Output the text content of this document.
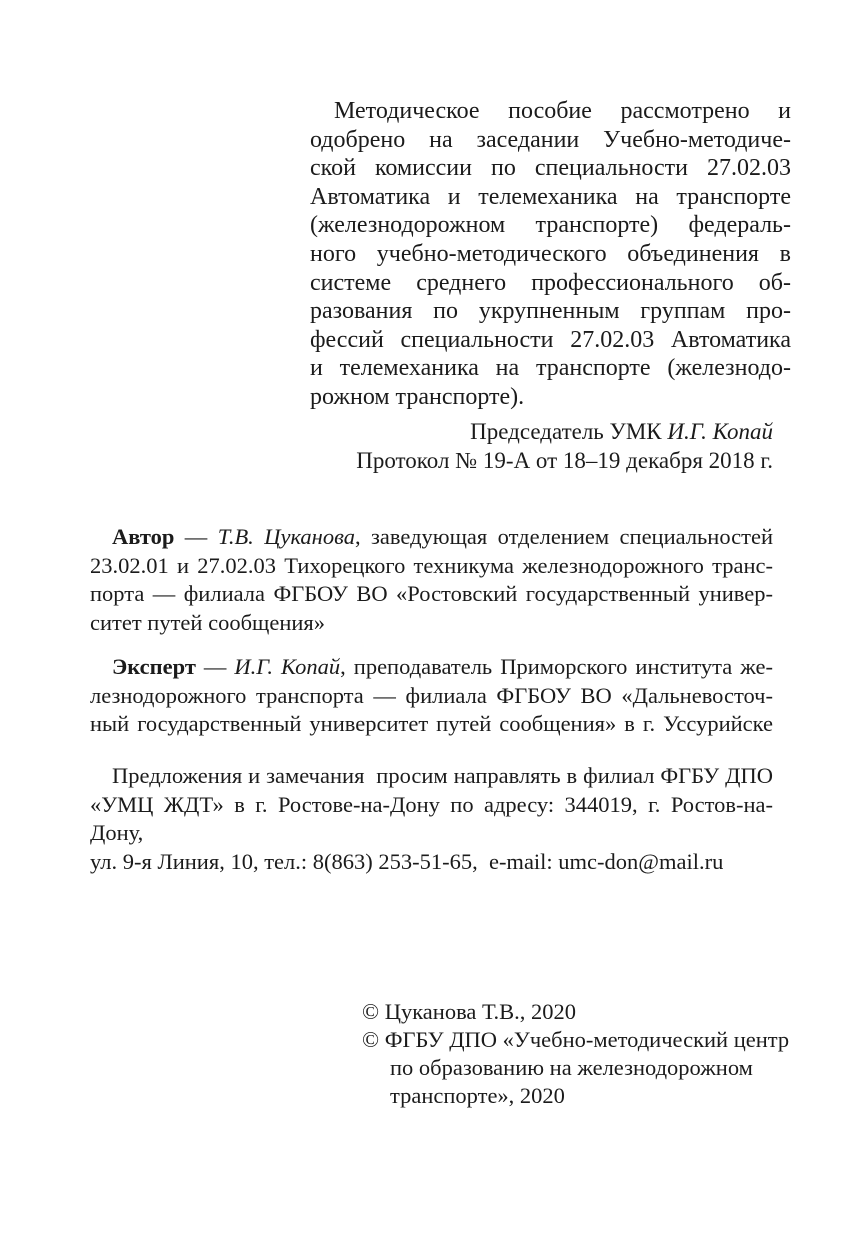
Методическое пособие рассмотрено и
одобрено на заседании Учебно-методиче-
ской комиссии по специальности 27.02.03
Автоматика и телемеханика на транспорте
(железнодорожном транспорте) федераль-
ного учебно-методического объединения в
системе среднего профессионального об-
разования по укрупненным группам про-
фессий специальности 27.02.03 Автоматика
и телемеханика на транспорте (железнодо-
рожном транспорте).
Председатель УМК И.Г. Копай
Протокол № 19-А от 18–19 декабря 2018 г.
Автор — Т.В. Цуканова, заведующая отделением специальностей
23.02.01 и 27.02.03 Тихорецкого техникума железнодорожного транс-
порта — филиала ФГБОУ ВО «Ростовский государственный универ-
ситет путей сообщения»
Эксперт — И.Г. Копай, преподаватель Приморского института же-
лезнодорожного транспорта — филиала ФГБОУ ВО «Дальневосточ-
ный государственный университет путей сообщения» в г. Уссурийске
Предложения и замечания  просим направлять в филиал ФГБУ ДПО
«УМЦ ЖДТ» в г. Ростове-на-Дону по адресу: 344019, г. Ростов-на-Дону,
ул. 9-я Линия, 10, тел.: 8(863) 253-51-65,  e-mail: umc-don@mail.ru
© Цуканова Т.В., 2020
© ФГБУ ДПО «Учебно-методический центр
по образованию на железнодорожном
транспорте», 2020
